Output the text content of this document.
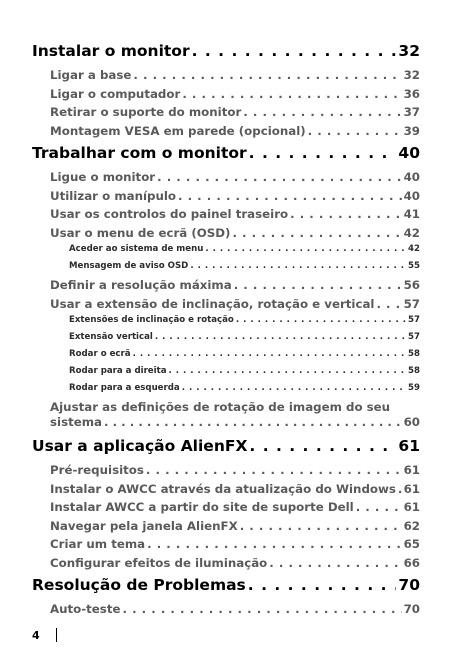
Instalar o monitor . . .	32
Ligar a base . . .	32
Ligar o computador . . .	36
Retirar o suporte do monitor . . .	37
Montagem VESA em parede (opcional) . . .	39
Trabalhar com o monitor . . .	40
Ligue o monitor . . .	40
Utilizar o manípulo . . .	40
Usar os controlos do painel traseiro . . .	41
Usar o menu de ecrã (OSD) . . .	42
Aceder ao sistema de menu . . .	42
Mensagem de aviso OSD . . .	55
Definir a resolução máxima . . .	56
Usar a extensão de inclinação, rotação e vertical . . . 57
Extensões de inclinação e rotação . . .	57
Extensão vertical . . .	57
Rodar o ecrã . . .	58
Rodar para a direita . . .	58
Rodar para a esquerda . . .	59
Ajustar as definições de rotação de imagem do seu
sistema . . .	60
Usar a aplicação AlienFX . . .	61
Pré-requisitos . . .	61
Instalar o AWCC através da atualização do Windows . . . 61
Instalar AWCC a partir do site de suporte Dell . . .	61
Navegar pela janela AlienFX . . .	62
Criar um tema . . .	65
Configurar efeitos de iluminação . . .	66
Resolução de Problemas . . .	70
Auto-teste . . .	70
4
